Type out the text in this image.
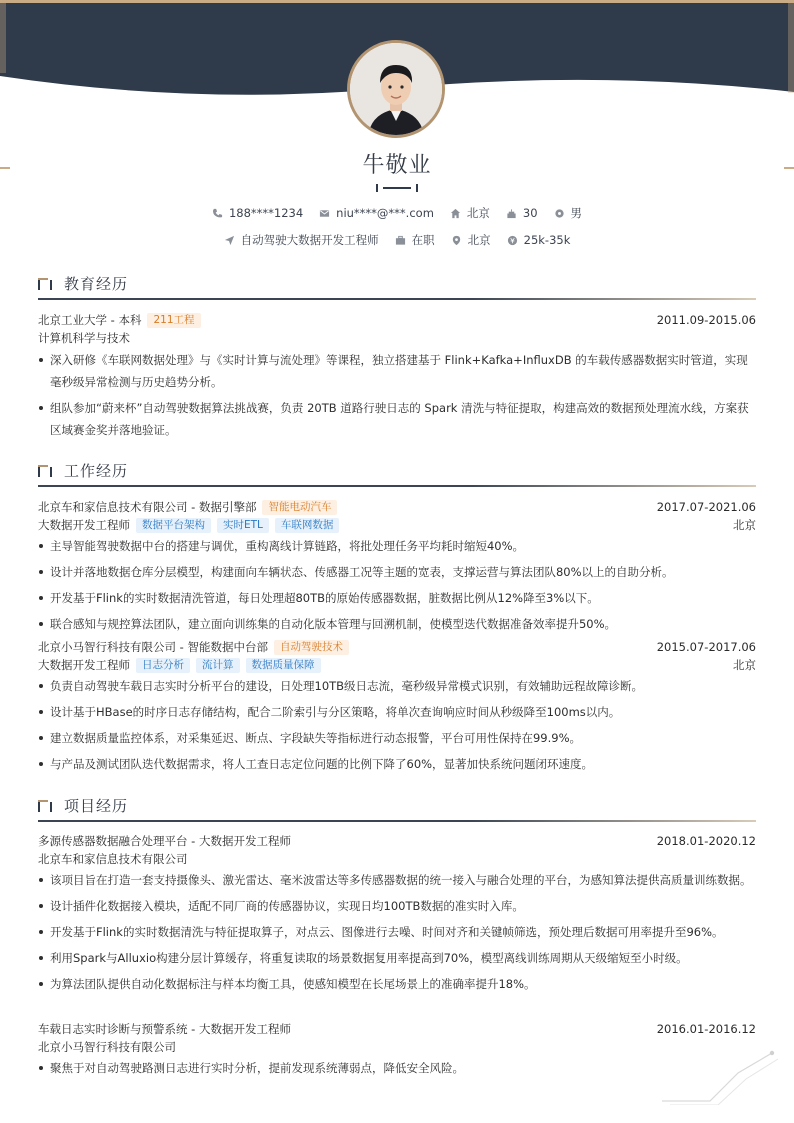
牛敬业
188****1234	niu****@***.com	北京	30	男
自动驾驶大数据开发工程师	在职	北京	25k-35k
教育经历
北京工业大学 - 本科	211工程	2011.09-2015.06
计算机科学与技术
深入研修《车联网数据处理》与《实时计算与流处理》等课程，独立搭建基于 Flink+Kafka+InfluxDB 的车载传感器数据实时管道，实现毫秒级异常检测与历史趋势分析。
组队参加“蔚来杯”自动驾驶数据算法挑战赛，负责 20TB 道路行驶日志的 Spark 清洗与特征提取，构建高效的数据预处理流水线，方案获区域赛金奖并落地验证。
工作经历
北京车和家信息技术有限公司 - 数据引擎部	智能电动汽车	2017.07-2021.06
大数据开发工程师	数据平台架构	实时ETL	车联网数据	北京
主导智能驾驶数据中台的搭建与调优，重构离线计算链路，将批处理任务平均耗时缩短40%。
设计并落地数据仓库分层模型，构建面向车辆状态、传感器工况等主题的宽表，支撑运营与算法团队80%以上的自助分析。
开发基于Flink的实时数据清洗管道，每日处理超80TB的原始传感器数据，脏数据比例从12%降至3%以下。
联合感知与规控算法团队，建立面向训练集的自动化版本管理与回溯机制，使模型迭代数据准备效率提升50%。
北京小马智行科技有限公司 - 智能数据中台部	自动驾驶技术	2015.07-2017.06
大数据开发工程师	日志分析	流计算	数据质量保障	北京
负责自动驾驶车载日志实时分析平台的建设，日处理10TB级日志流，毫秒级异常模式识别，有效辅助远程故障诊断。
设计基于HBase的时序日志存储结构，配合二阶索引与分区策略，将单次查询响应时间从秒级降至100ms以内。
建立数据质量监控体系，对采集延迟、断点、字段缺失等指标进行动态报警，平台可用性保持在99.9%。
与产品及测试团队迭代数据需求，将人工查日志定位问题的比例下降了60%，显著加快系统问题闭环速度。
项目经历
多源传感器数据融合处理平台 - 大数据开发工程师	2018.01-2020.12
北京车和家信息技术有限公司
该项目旨在打造一套支持摄像头、激光雷达、毫米波雷达等多传感器数据的统一接入与融合处理的平台，为感知算法提供高质量训练数据。
设计插件化数据接入模块，适配不同厂商的传感器协议，实现日均100TB数据的准实时入库。
开发基于Flink的实时数据清洗与特征提取算子，对点云、图像进行去噪、时间对齐和关键帧筛选，预处理后数据可用率提升至96%。
利用Spark与Alluxio构建分层计算缓存，将重复读取的场景数据复用率提高到70%，模型离线训练周期从天级缩短至小时级。
为算法团队提供自动化数据标注与样本均衡工具，使感知模型在长尾场景上的准确率提升18%。
车载日志实时诊断与预警系统 - 大数据开发工程师	2016.01-2016.12
北京小马智行科技有限公司
聚焦于对自动驾驶路测日志进行实时分析，提前发现系统薄弱点，降低安全风险。
